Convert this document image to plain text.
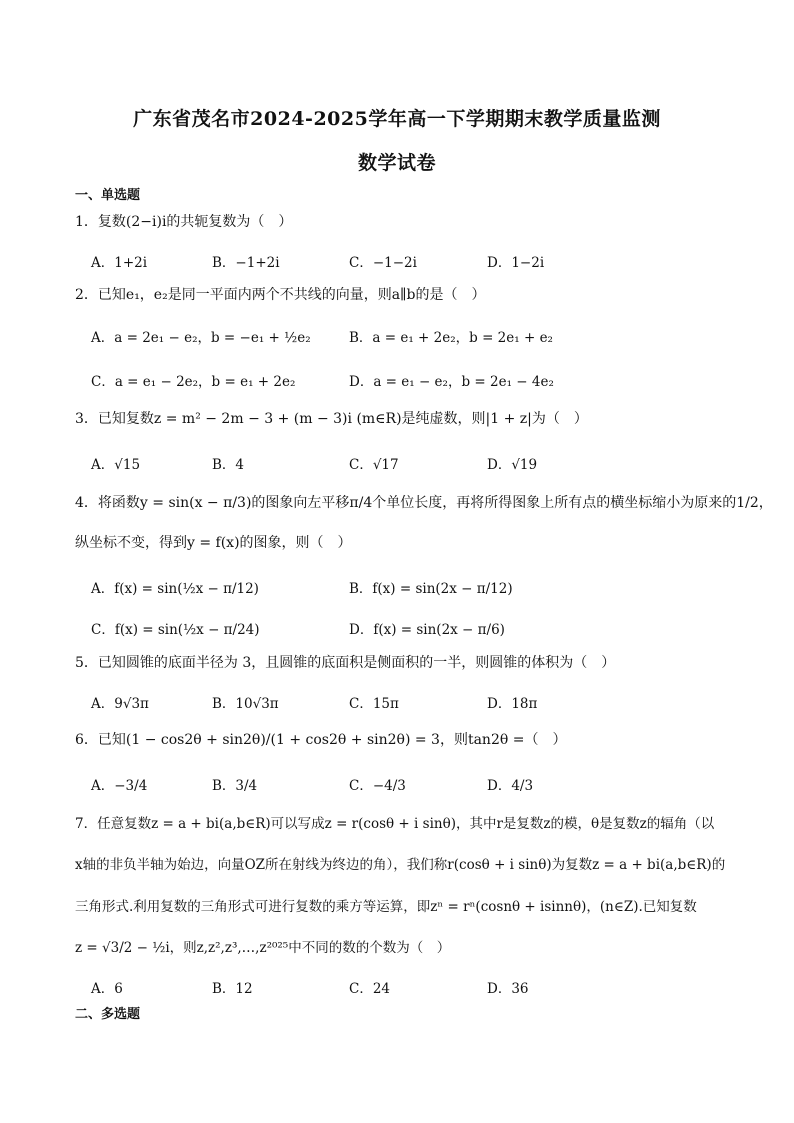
广东省茂名市2024-2025学年高一下学期期末教学质量监测
数学试卷
一、单选题
1．复数(2−i)i的共轭复数为（　）
A．1+2i	B．−1+2i	C．−1−2i	D．1−2i
2．已知e₁，e₂是同一平面内两个不共线的向量，则a∥b的是（　）
A．a = 2e₁ − e₂，b = −e₁ + ½e₂	B．a = e₁ + 2e₂，b = 2e₁ + e₂
C．a = e₁ − 2e₂，b = e₁ + 2e₂	D．a = e₁ − e₂，b = 2e₁ − 4e₂
3．已知复数z = m² − 2m − 3 + (m − 3)i (m∈R)是纯虚数，则|1 + z|为（　）
A．√15	B．4	C．√17	D．√19
4．将函数y = sin(x − π/3)的图象向左平移π/4个单位长度，再将所得图象上所有点的横坐标缩小为原来的1/2，
纵坐标不变，得到y = f(x)的图象，则（　）
A．f(x) = sin(½x − π/12)	B．f(x) = sin(2x − π/12)
C．f(x) = sin(½x − π/24)	D．f(x) = sin(2x − π/6)
5．已知圆锥的底面半径为 3，且圆锥的底面积是侧面积的一半，则圆锥的体积为（　）
A．9√3π	B．10√3π	C．15π	D．18π
6．已知(1 − cos2θ + sin2θ)/(1 + cos2θ + sin2θ) = 3，则tan2θ =（　）
A．−3/4	B．3/4	C．−4/3	D．4/3
7．任意复数z = a + bi(a,b∈R)可以写成z = r(cosθ + i sinθ)，其中r是复数z的模，θ是复数z的辐角（以
x轴的非负半轴为始边，向量OZ所在射线为终边的角），我们称r(cosθ + i sinθ)为复数z = a + bi(a,b∈R)的
三角形式.利用复数的三角形式可进行复数的乘方等运算，即zⁿ = rⁿ(cosnθ + isinnθ)，(n∈Z).已知复数
z = √3/2 − ½i，则z,z²,z³,…,z²⁰²⁵中不同的数的个数为（　）
A．6	B．12	C．24	D．36
二、多选题
